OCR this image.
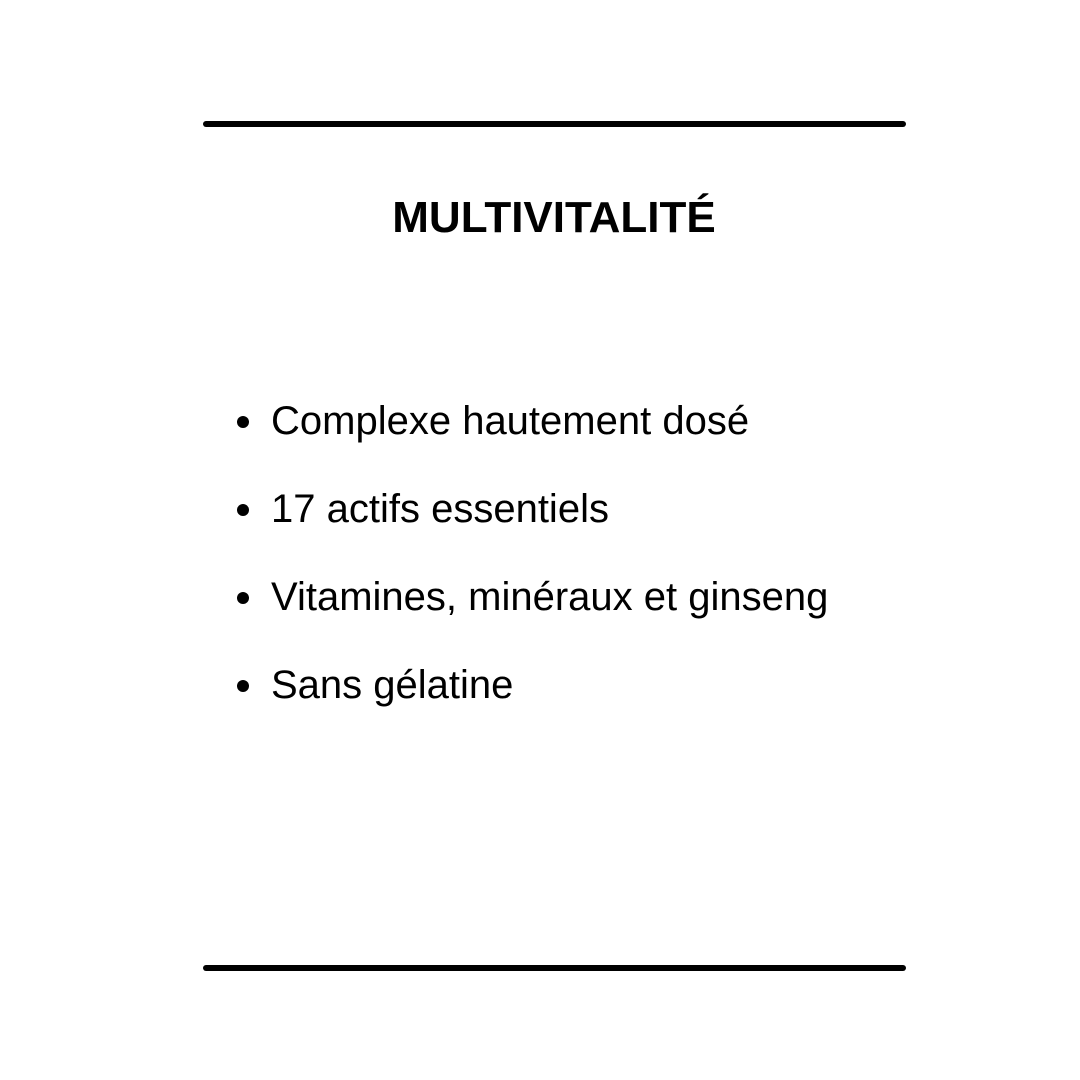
MULTIVITALITÉ
Complexe hautement dosé
17 actifs essentiels
Vitamines, minéraux et ginseng
Sans gélatine
